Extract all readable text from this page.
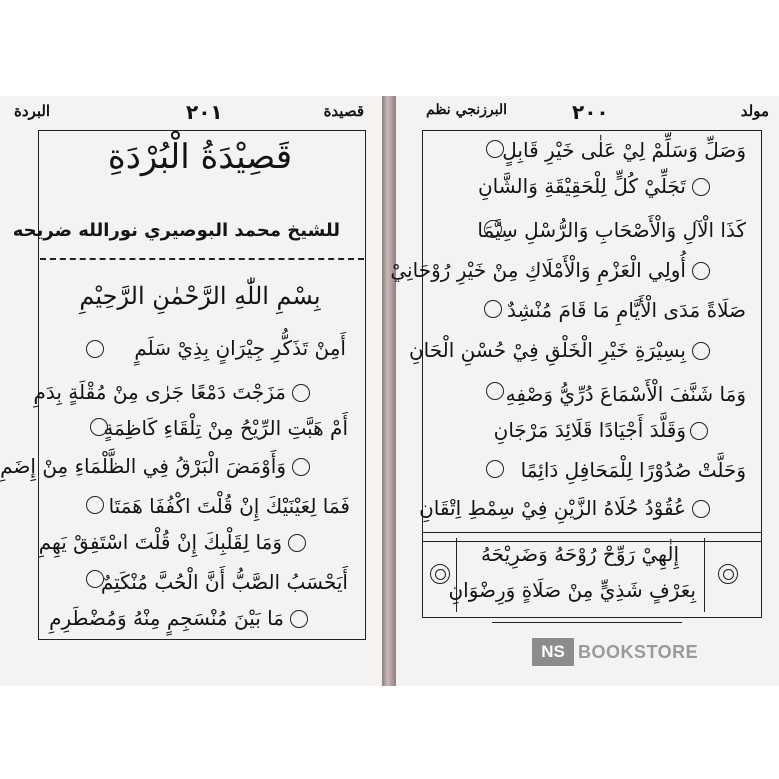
البردة	٢٠١	قصيدة
قَصِيْدَةُ الْبُرْدَةِ
للشيخ محمد البوصيري نورالله ضريحه
بِسْمِ اللّٰهِ الرَّحْمٰنِ الرَّحِيْمِ
أَمِنْ تَذَكُّرِ جِيْرَانٍ بِذِيْ سَلَمٍ
مَزَجْتَ دَمْعًا جَرٰى مِنْ مُقْلَةٍ بِدَمِ
أَمْ هَبَّتِ الرِّيْحُ مِنْ تِلْقَاءِ كَاظِمَةٍ
وَأَوْمَضَ الْبَرْقُ فِي الظَّلْمَاءِ مِنْ إِضَمِ
فَمَا لِعَيْنَيْكَ إِنْ قُلْتَ اكْفُفَا هَمَتَا
وَمَا لِقَلْبِكَ إِنْ قُلْتَ اسْتَفِقْ يَهِمِ
أَيَحْسَبُ الصَّبُّ أَنَّ الْحُبَّ مُنْكَتِمٌ
مَا بَيْنَ مُنْسَجِمٍ مِنْهُ وَمُضْطَرِمِ
البرزنجي نظم	٢٠٠	مولد
وَصَلِّ وَسَلِّمْ لِيْ عَلٰى خَيْرِ قَابِلٍ
تَجَلِّيْ كُلٍّ لِلْحَقِيْقَةِ وَالشَّانِ
كَذَا الْآلِ وَالْأَصْحَابِ وَالرُّسْلِ سِيَّمَا
أُولِي الْعَزْمِ وَالْأَمْلَاكِ مِنْ خَيْرِ رُوْحَانِيْ
صَلَاةً مَدَى الْأَيَّامِ مَا قَامَ مُنْشِدٌ
بِسِيْرَةِ خَيْرِ الْخَلْقِ فِيْ حُسْنِ الْحَانِ
وَمَا شَنَّفَ الْأَسْمَاعَ دُرِّيُّ وَصْفِهِ
وَقَلَّدَ أَجْيَادًا قَلَائِدَ مَرْجَانِ
وَحَلَّتْ صُدُوْرًا لِلْمَحَافِلِ دَائِمًا
عُقُوْدُ حُلَاهُ الزَّيْنِ فِيْ سِمْطِ اِتْقَانِ
إِلٰهِيْ رَوِّحْ رُوْحَهُ وَضَرِيْحَهُ
بِعَرْفٍ شَذِيٍّ مِنْ صَلَاةٍ وَرِضْوَانِ
NS BOOKSTORE
